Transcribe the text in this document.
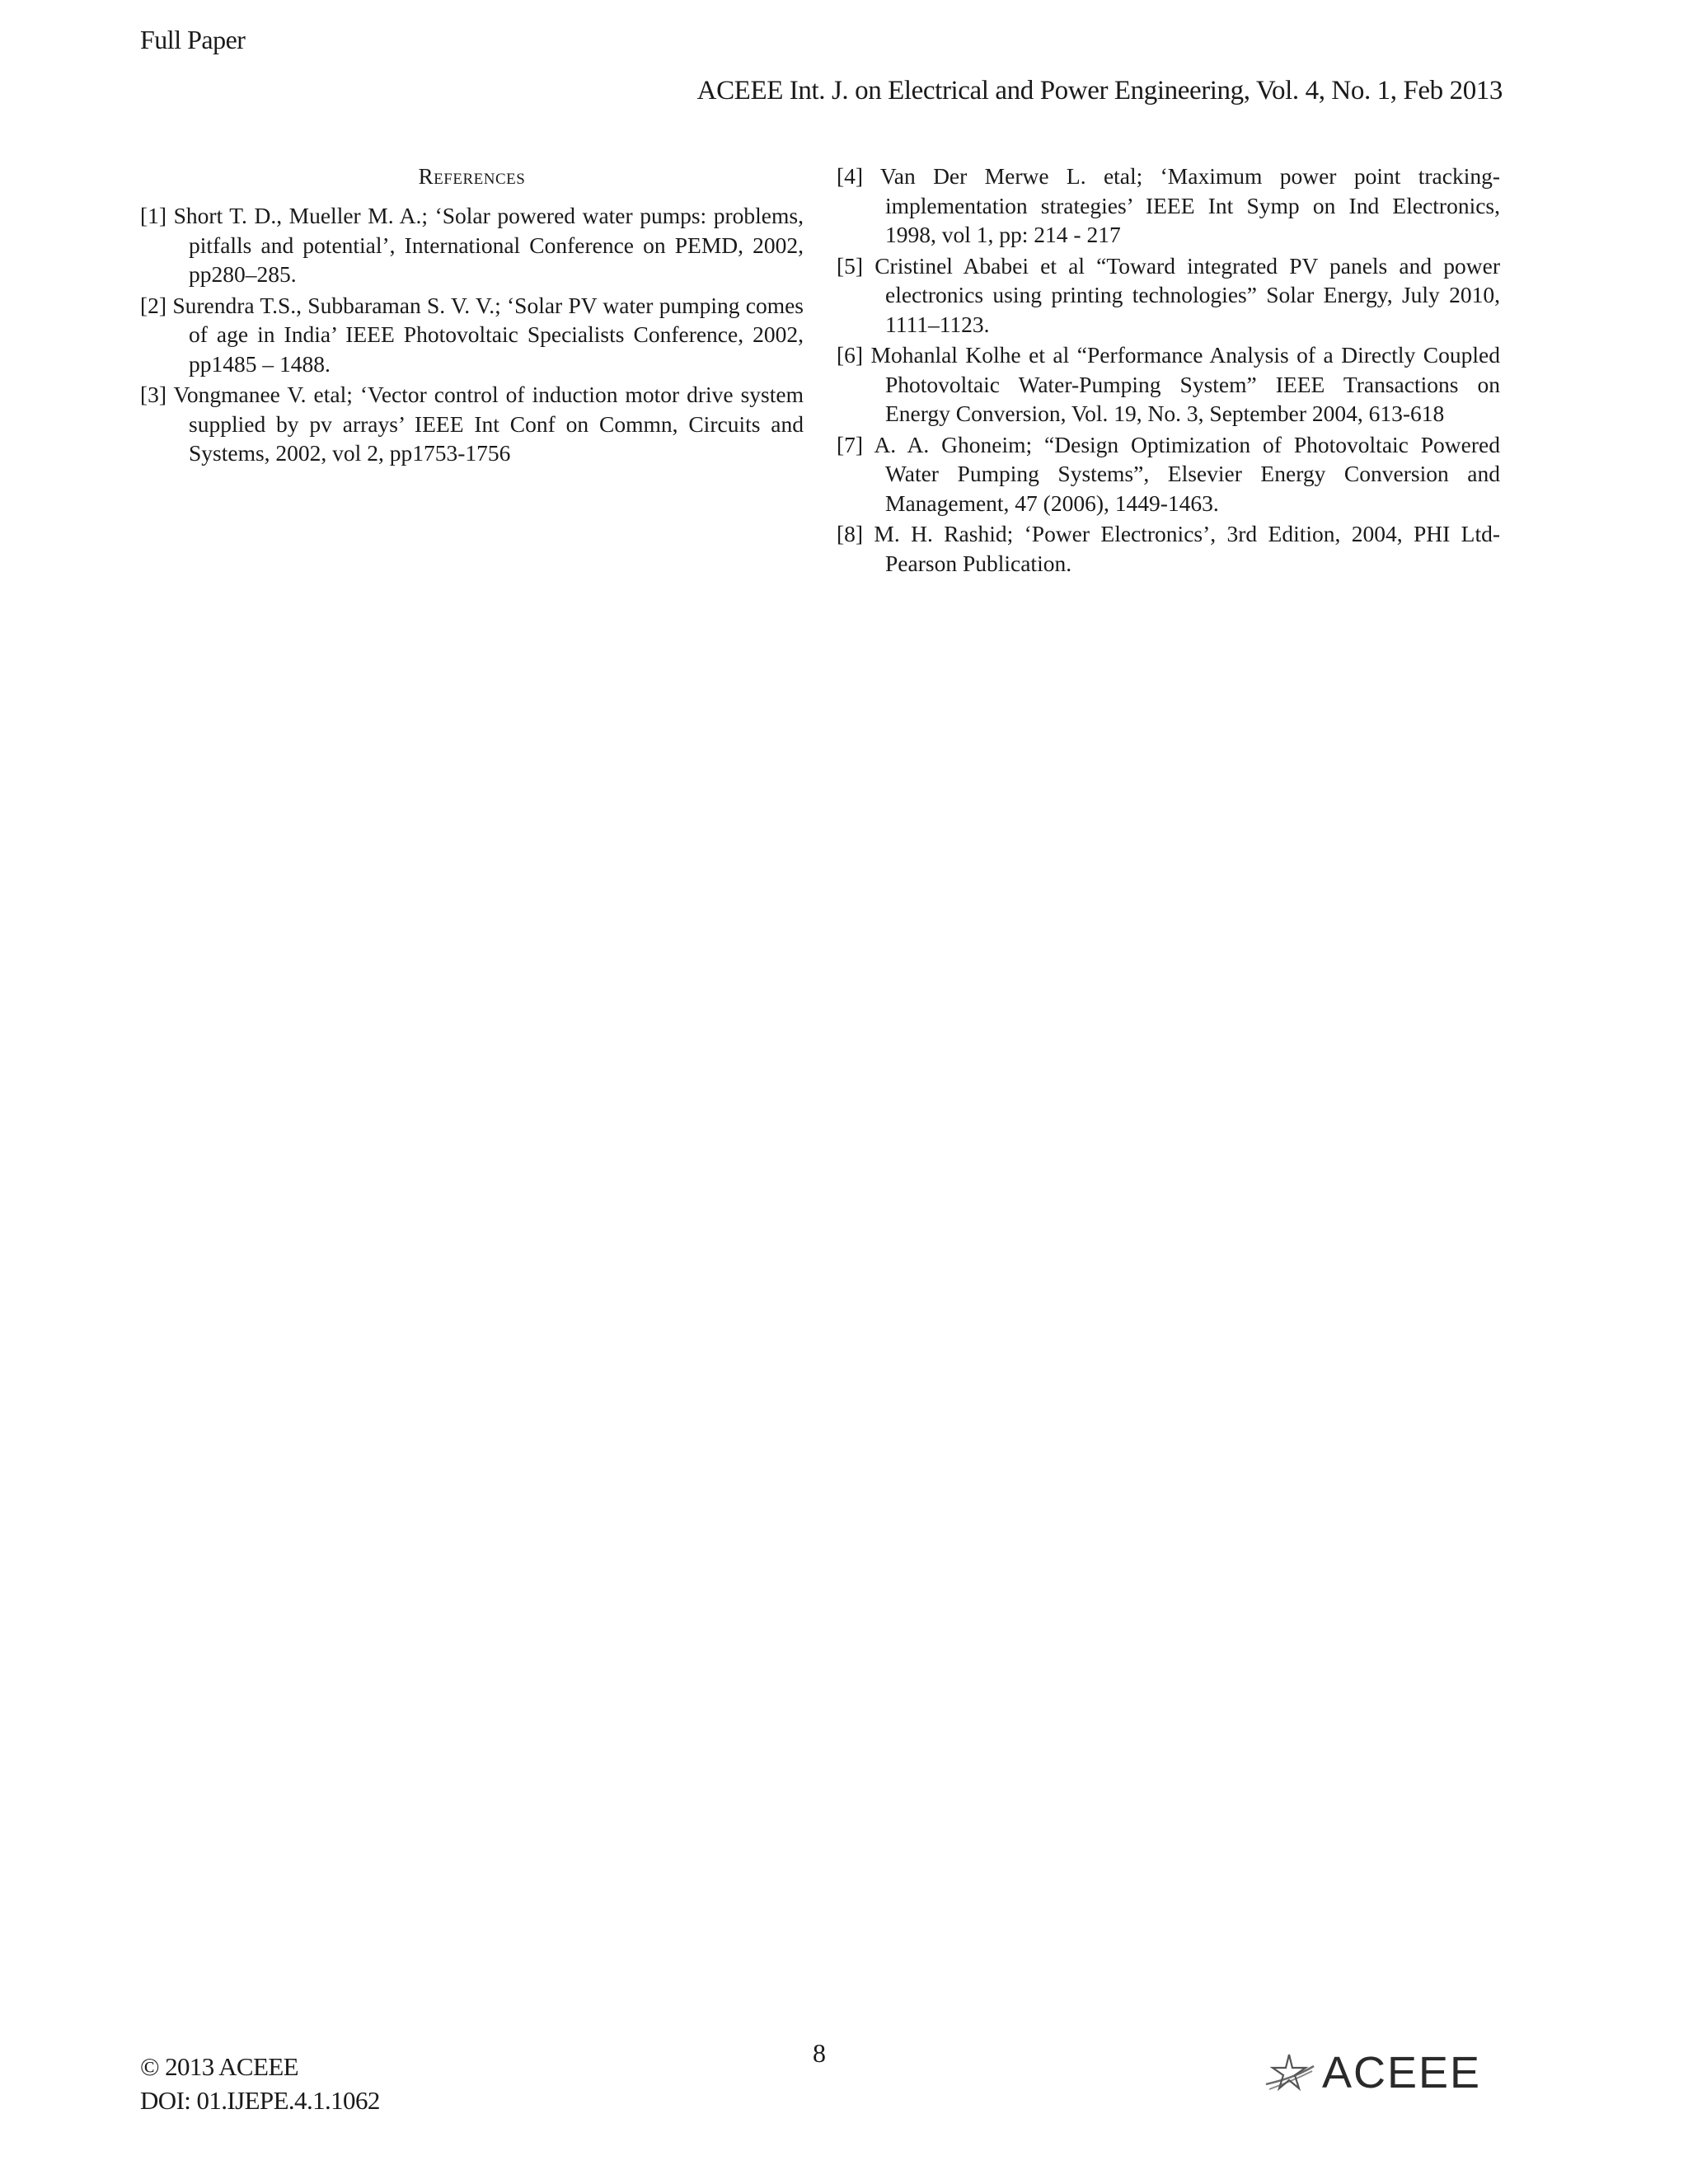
Full Paper
ACEEE Int. J. on Electrical and Power Engineering, Vol. 4, No. 1, Feb 2013
References

[1] Short T. D., Mueller M. A.; ‘Solar powered water pumps: problems, pitfalls and potential’, International Conference on PEMD, 2002, pp280–285.

[2] Surendra T.S., Subbaraman S. V. V.; ‘Solar PV water pumping comes of age in India’ IEEE Photovoltaic Specialists Conference, 2002, pp1485 – 1488.

[3] Vongmanee V. etal; ‘Vector control of induction motor drive system supplied by pv arrays’ IEEE Int Conf on Commn, Circuits and Systems, 2002, vol 2, pp1753-1756

[4] Van Der Merwe L. etal; ‘Maximum power point tracking-implementation strategies’ IEEE Int Symp on Ind Electronics, 1998, vol 1, pp: 214 - 217

[5] Cristinel Ababei et al “Toward integrated PV panels and power electronics using printing technologies” Solar Energy, July 2010, 1111–1123.

[6] Mohanlal Kolhe et al “Performance Analysis of a Directly Coupled Photovoltaic Water-Pumping System” IEEE Transactions on Energy Conversion, Vol. 19, No. 3, September 2004, 613-618

[7] A. A. Ghoneim; “Design Optimization of Photovoltaic Powered Water Pumping Systems”, Elsevier Energy Conversion and Management, 47 (2006), 1449-1463.

[8] M. H. Rashid; ‘Power Electronics’, 3rd Edition, 2004, PHI Ltd-Pearson Publication.

© 2013 ACEEE
DOI: 01.IJEPE.4.1.1062
8	ACEEE
